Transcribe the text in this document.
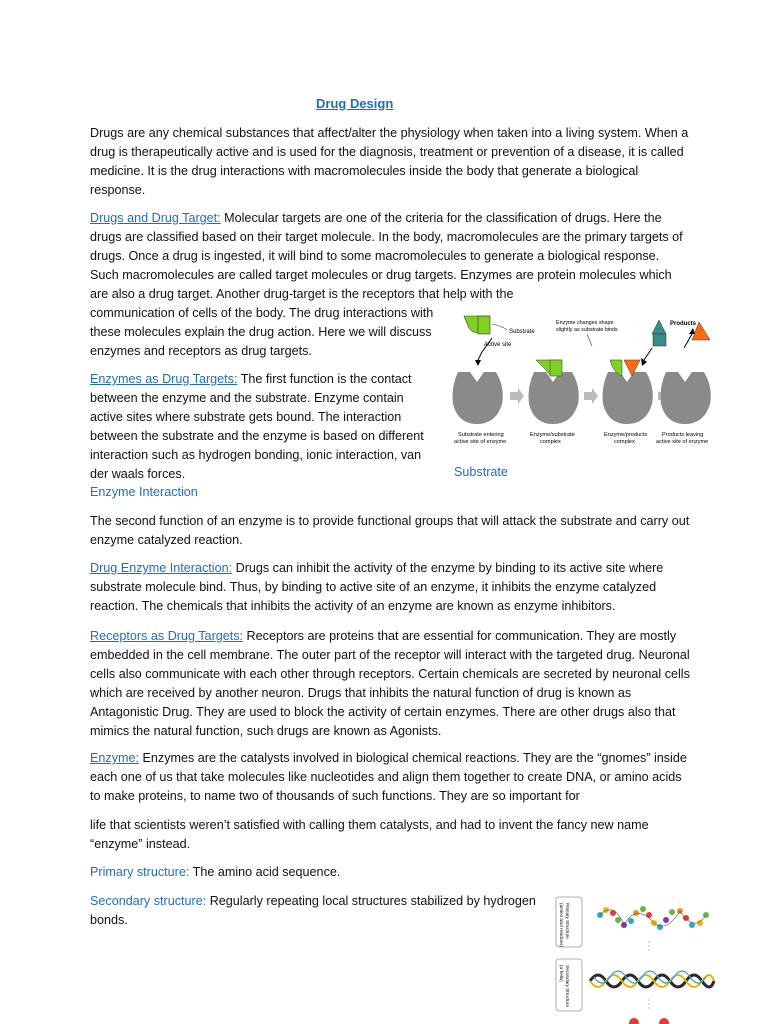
Drug Design

Drugs are any chemical substances that affect/alter the physiology when taken into a living system. When a drug is therapeutically active and is used for the diagnosis, treatment or prevention of a disease, it is called medicine. It is the drug interactions with macromolecules inside the body that generate a biological response.

Drugs and Drug Target: Molecular targets are one of the criteria for the classification of drugs. Here the drugs are classified based on their target molecule. In the body, macromolecules are the primary targets of drugs. Once a drug is ingested, it will bind to some macromolecules to generate a biological response. Such macromolecules are called target molecules or drug targets. Enzymes are protein molecules which are also a drug target. Another drug-target is the receptors that help with the

communication of cells of the body. The drug interactions with these molecules explain the drug action. Here we will discuss enzymes and receptors as drug targets.

Enzymes as Drug Targets: The first function is the contact between the enzyme and the substrate. Enzyme contain active sites where substrate gets bound. The interaction between the substrate and the enzyme is based on different interaction such as hydrogen bonding, ionic interaction, van der waals forces.

Enzyme Interaction

Substrate
Active site
Enzyme changes shape slightly as substrate binds
Products
Substrate entering active site of enzyme
Enzyme/substrate complex
Enzyme/products complex
Products leaving active site of enzyme

Substrate

The second function of an enzyme is to provide functional groups that will attack the substrate and carry out enzyme catalyzed reaction.

Drug Enzyme Interaction: Drugs can inhibit the activity of the enzyme by binding to its active site where substrate molecule bind. Thus, by binding to active site of an enzyme, it inhibits the enzyme catalyzed reaction. The chemicals that inhibits the activity of an enzyme are known as enzyme inhibitors.

Receptors as Drug Targets: Receptors are proteins that are essential for communication. They are mostly embedded in the cell membrane. The outer part of the receptor will interact with the targeted drug. Neuronal cells also communicate with each other through receptors. Certain chemicals are secreted by neuronal cells which are received by another neuron. Drugs that inhibits the natural function of drug is known as Antagonistic Drug. They are used to block the activity of certain enzymes. There are other drugs also that mimics the natural function, such drugs are known as Agonists.

Enzyme: Enzymes are the catalysts involved in biological chemical reactions. They are the “gnomes” inside each one of us that take molecules like nucleotides and align them together to create DNA, or amino acids to make proteins, to name two of thousands of such functions. They are so important for

life that scientists weren’t satisfied with calling them catalysts, and had to invent the fancy new name “enzyme” instead.

Primary structure: The amino acid sequence.

Secondary structure: Regularly repeating local structures stabilized by hydrogen bonds.	Primary Structure(amino acid residues)
Secondary Structure(α-helix)
